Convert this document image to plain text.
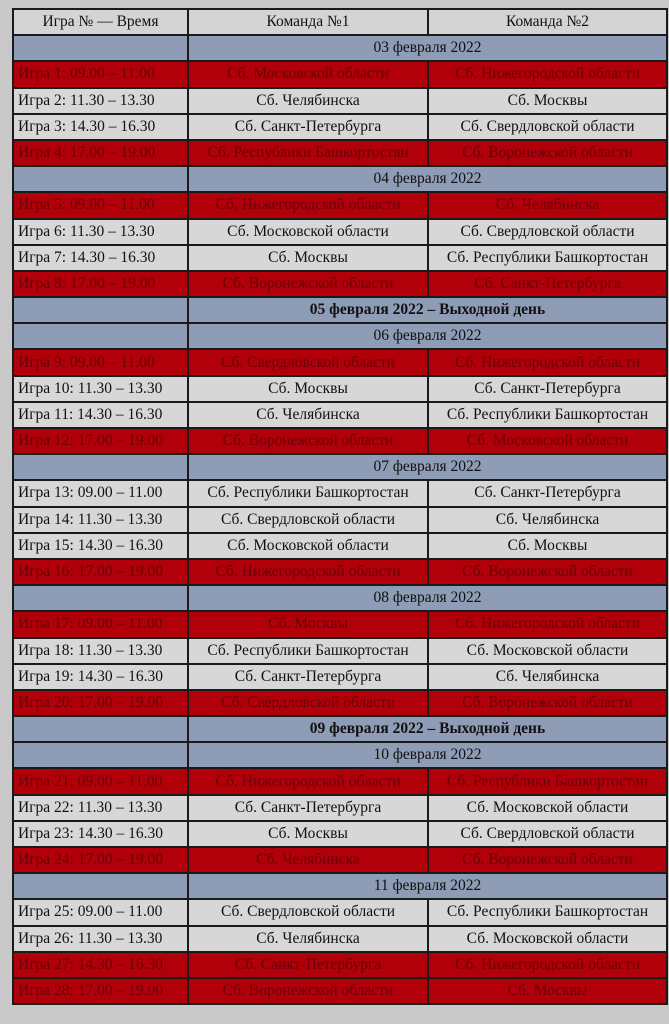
Игра № — Время	Команда №1	Команда №2
	03 февраля 2022	
Игра 1: 09.00 – 11.00	Сб. Московской области	Сб. Нижегородской области
Игра 2: 11.30 – 13.30	Сб. Челябинска	Сб. Москвы
Игра 3: 14.30 – 16.30	Сб. Санкт-Петербурга	Сб. Свердловской области
Игра 4: 17.00 – 19.00	Сб. Республики Башкортостан	Сб. Воронежской области
	04 февраля 2022	
Игра 5: 09.00 – 11.00	Сб. Нижегородской области	Сб. Челябинска
Игра 6: 11.30 – 13.30	Сб. Московской области	Сб. Свердловской области
Игра 7: 14.30 – 16.30	Сб. Москвы	Сб. Республики Башкортостан
Игра 8: 17.00 – 19.00	Сб. Воронежской области	Сб. Санкт-Петербурга
	05 февраля 2022 – Выходной день	
	06 февраля 2022	
Игра 9: 09.00 – 11.00	Сб. Свердловской области	Сб. Нижегородской области
Игра 10: 11.30 – 13.30	Сб. Москвы	Сб. Санкт-Петербурга
Игра 11: 14.30 – 16.30	Сб. Челябинска	Сб. Республики Башкортостан
Игра 12: 17.00 – 19.00	Сб. Воронежской области	Сб. Московской области
	07 февраля 2022	
Игра 13: 09.00 – 11.00	Сб. Республики Башкортостан	Сб. Санкт-Петербурга
Игра 14: 11.30 – 13.30	Сб. Свердловской области	Сб. Челябинска
Игра 15: 14.30 – 16.30	Сб. Московской области	Сб. Москвы
Игра 16: 17.00 – 19.00	Сб. Нижегородской области	Сб. Воронежской области
	08 февраля 2022	
Игра 17: 09.00 – 11.00	Сб. Москвы	Сб. Нижегородской области
Игра 18: 11.30 – 13.30	Сб. Республики Башкортостан	Сб. Московской области
Игра 19: 14.30 – 16.30	Сб. Санкт-Петербурга	Сб. Челябинска
Игра 20: 17.00 – 19.00	Сб. Свердловской области	Сб. Воронежской области
	09 февраля 2022 – Выходной день	
	10 февраля 2022	
Игра 21: 09.00 – 11.00	Сб. Нижегородской области	Сб. Республики Башкортостан
Игра 22: 11.30 – 13.30	Сб. Санкт-Петербурга	Сб. Московской области
Игра 23: 14.30 – 16.30	Сб. Москвы	Сб. Свердловской области
Игра 24: 17.00 – 19.00	Сб. Челябинска	Сб. Воронежской области
	11 февраля 2022	
Игра 25: 09.00 – 11.00	Сб. Свердловской области	Сб. Республики Башкортостан
Игра 26: 11.30 – 13.30	Сб. Челябинска	Сб. Московской области
Игра 27: 14.30 – 16.30	Сб. Санкт-Петербурга	Сб. Нижегородской области
Игра 28: 17.00 – 19.00	Сб. Воронежской области	Сб. Москвы
